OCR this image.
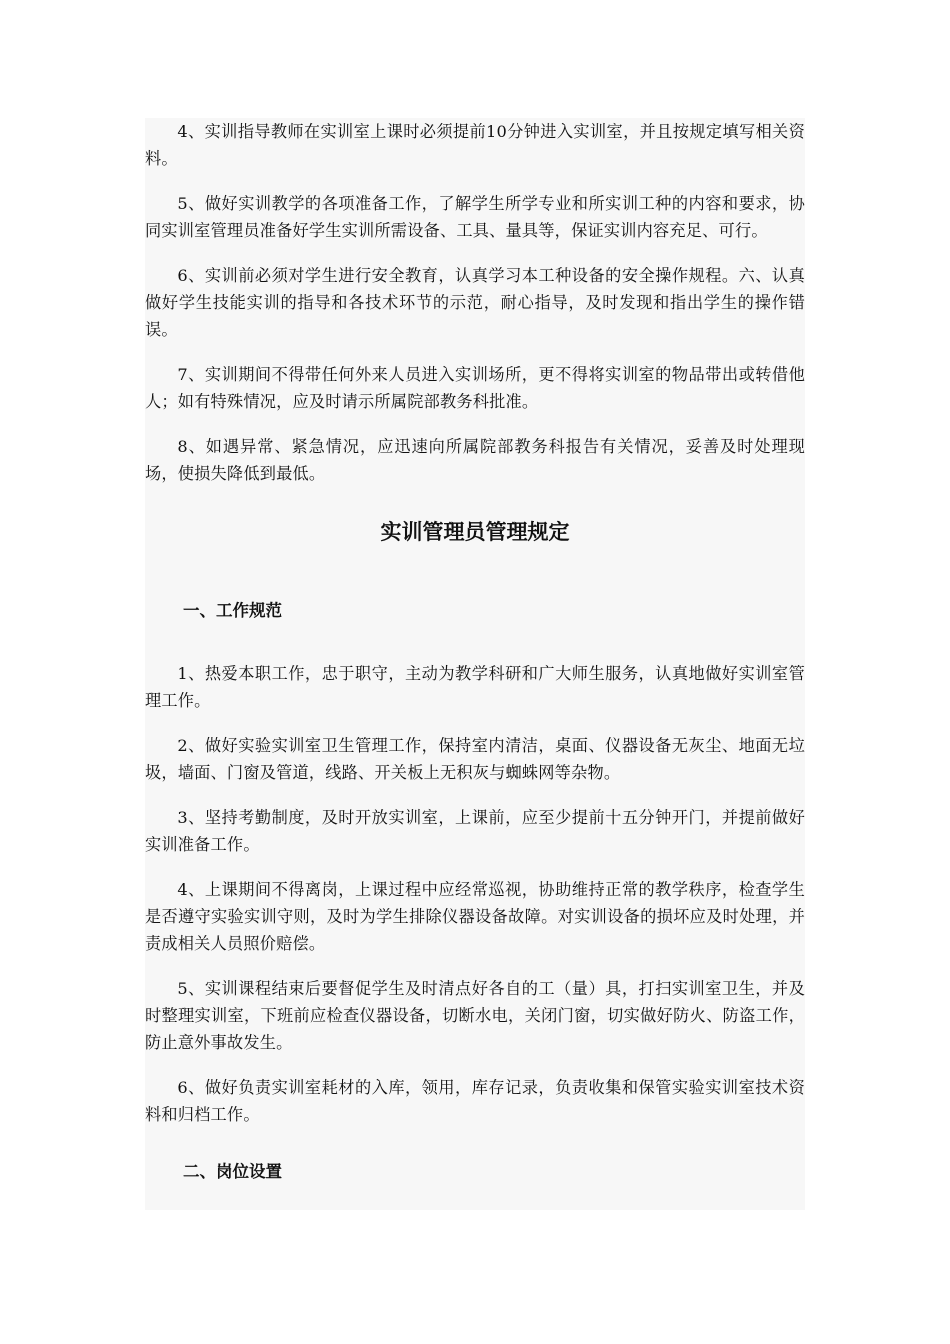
4、实训指导教师在实训室上课时必须提前10分钟进入实训室，并且按规定填写相关资料。

5、做好实训教学的各项准备工作，了解学生所学专业和所实训工种的内容和要求，协同实训室管理员准备好学生实训所需设备、工具、量具等，保证实训内容充足、可行。

6、实训前必须对学生进行安全教育，认真学习本工种设备的安全操作规程。六、认真做好学生技能实训的指导和各技术环节的示范，耐心指导，及时发现和指出学生的操作错误。

7、实训期间不得带任何外来人员进入实训场所，更不得将实训室的物品带出或转借他人；如有特殊情况，应及时请示所属院部教务科批准。

8、如遇异常、紧急情况，应迅速向所属院部教务科报告有关情况，妥善及时处理现场，使损失降低到最低。

实训管理员管理规定
一、工作规范

1、热爱本职工作，忠于职守，主动为教学科研和广大师生服务，认真地做好实训室管理工作。

2、做好实验实训室卫生管理工作，保持室内清洁，桌面、仪器设备无灰尘、地面无垃圾，墙面、门窗及管道，线路、开关板上无积灰与蜘蛛网等杂物。

3、坚持考勤制度，及时开放实训室，上课前，应至少提前十五分钟开门，并提前做好实训准备工作。

4、上课期间不得离岗，上课过程中应经常巡视，协助维持正常的教学秩序，检查学生是否遵守实验实训守则，及时为学生排除仪器设备故障。对实训设备的损坏应及时处理，并责成相关人员照价赔偿。

5、实训课程结束后要督促学生及时清点好各自的工（量）具，打扫实训室卫生，并及时整理实训室，下班前应检查仪器设备，切断水电，关闭门窗，切实做好防火、防盗工作，防止意外事故发生。

6、做好负责实训室耗材的入库，领用，库存记录，负责收集和保管实验实训室技术资料和归档工作。

二、岗位设置
